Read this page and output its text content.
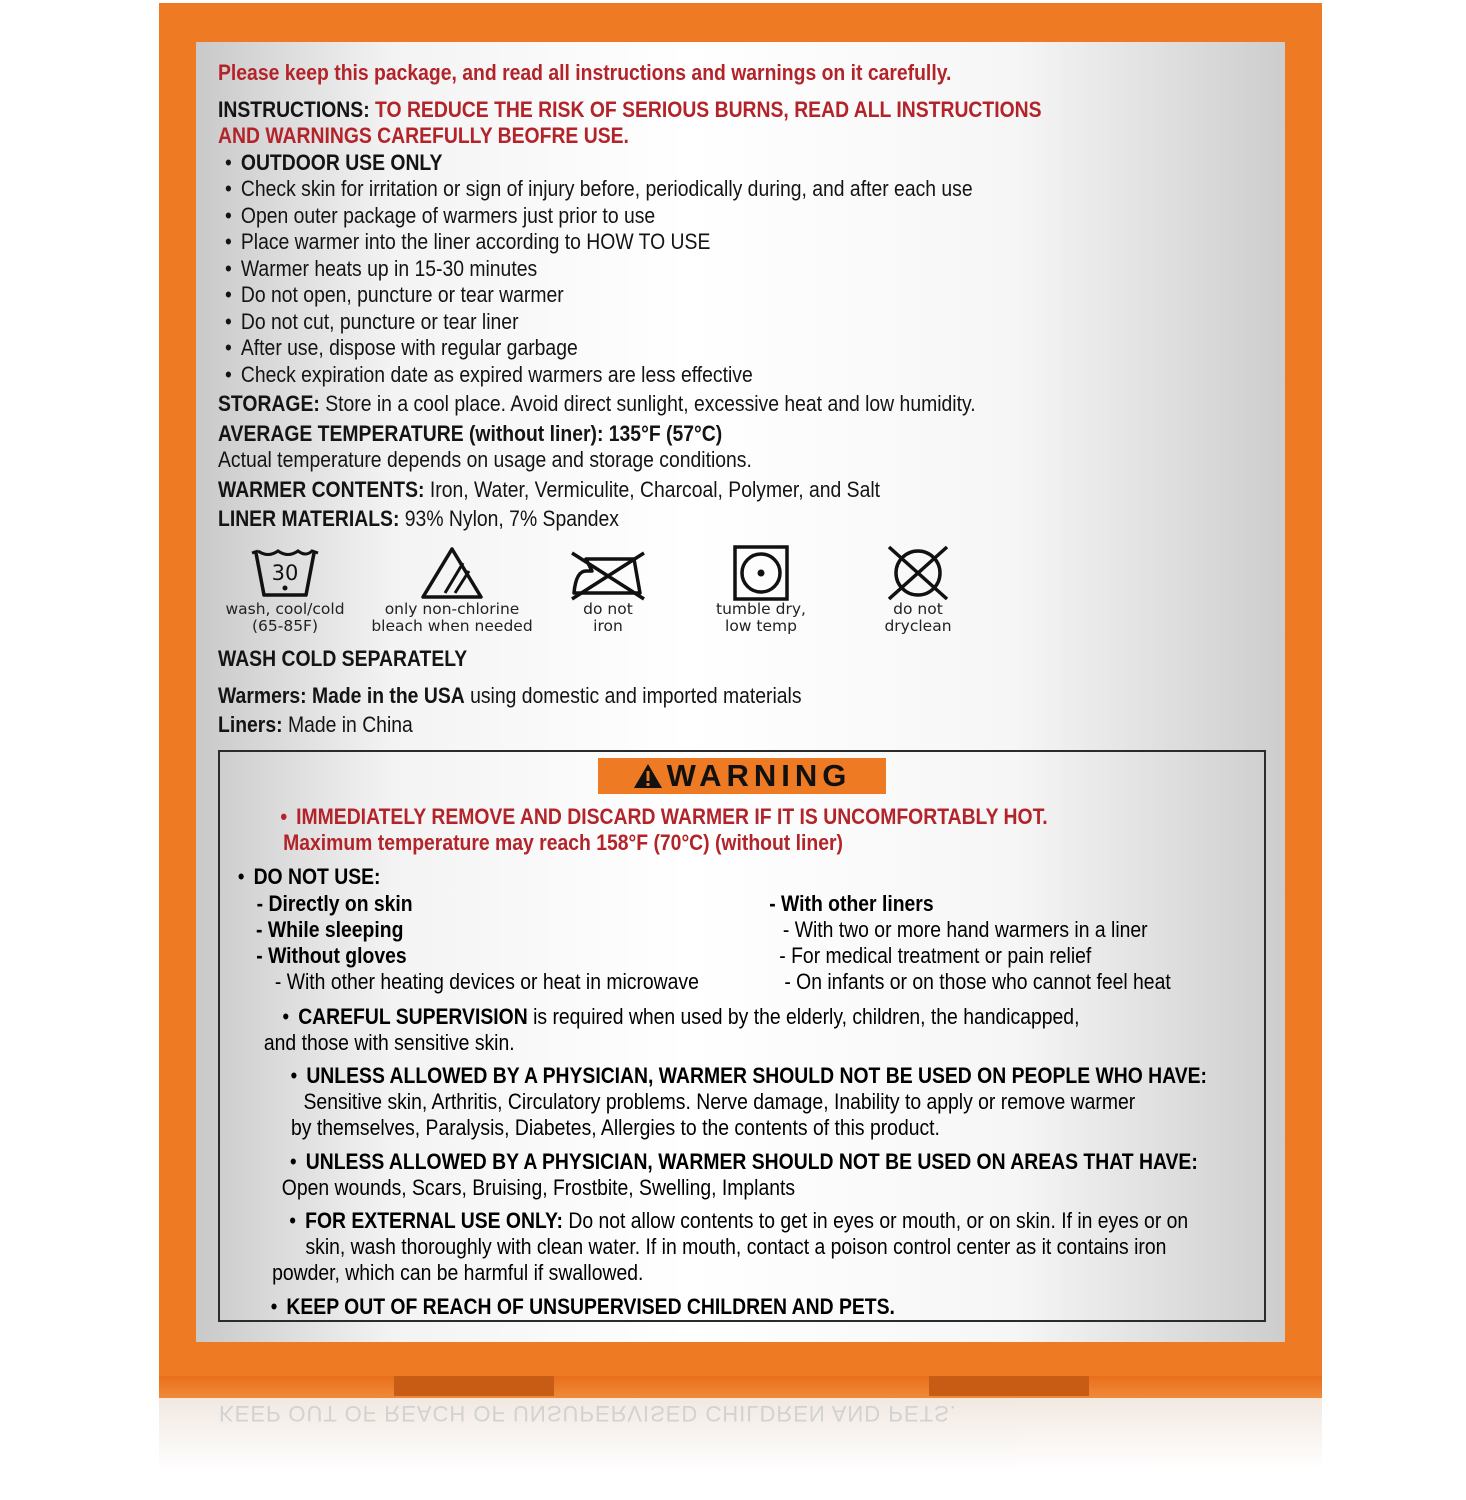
KEEP OUT OF REACH OF UNSUPERVISED CHILDREN AND PETS.
Please keep this package, and read all instructions and warnings on it carefully.
INSTRUCTIONS: TO REDUCE THE RISK OF SERIOUS BURNS, READ ALL INSTRUCTIONS
AND WARNINGS CAREFULLY BEOFRE USE.
• OUTDOOR USE ONLY
• Check skin for irritation or sign of injury before, periodically during, and after each use
• Open outer package of warmers just prior to use
• Place warmer into the liner according to HOW TO USE
• Warmer heats up in 15-30 minutes
• Do not open, puncture or tear warmer
• Do not cut, puncture or tear liner
• After use, dispose with regular garbage
• Check expiration date as expired warmers are less effective
STORAGE: Store in a cool place. Avoid direct sunlight, excessive heat and low humidity.
AVERAGE TEMPERATURE (without liner): 135°F (57°C)
Actual temperature depends on usage and storage conditions.
WARMER CONTENTS: Iron, Water, Vermiculite, Charcoal, Polymer, and Salt
LINER MATERIALS: 93% Nylon, 7% Spandex
30
wash, cool/cold
(65-85F)
only non-chlorine
bleach when needed
do not
iron
tumble dry,
low temp
do not
dryclean
WASH COLD SEPARATELY
Warmers: Made in the USA using domestic and imported materials
Liners: Made in China
WARNING
• IMMEDIATELY REMOVE AND DISCARD WARMER IF IT IS UNCOMFORTABLY HOT.
Maximum temperature may reach 158°F (70°C) (without liner)
• DO NOT USE:
- Directly on skin
- While sleeping
- Without gloves
- With other heating devices or heat in microwave
- With other liners
- With two or more hand warmers in a liner
- For medical treatment or pain relief
- On infants or on those who cannot feel heat
• CAREFUL SUPERVISION is required when used by the elderly, children, the handicapped,
and those with sensitive skin.
• UNLESS ALLOWED BY A PHYSICIAN, WARMER SHOULD NOT BE USED ON PEOPLE WHO HAVE:
Sensitive skin, Arthritis, Circulatory problems. Nerve damage, Inability to apply or remove warmer
by themselves, Paralysis, Diabetes, Allergies to the contents of this product.
• UNLESS ALLOWED BY A PHYSICIAN, WARMER SHOULD NOT BE USED ON AREAS THAT HAVE:
Open wounds, Scars, Bruising, Frostbite, Swelling, Implants
• FOR EXTERNAL USE ONLY: Do not allow contents to get in eyes or mouth, or on skin. If in eyes or on
skin, wash thoroughly with clean water. If in mouth, contact a poison control center as it contains iron
powder, which can be harmful if swallowed.
• KEEP OUT OF REACH OF UNSUPERVISED CHILDREN AND PETS.
